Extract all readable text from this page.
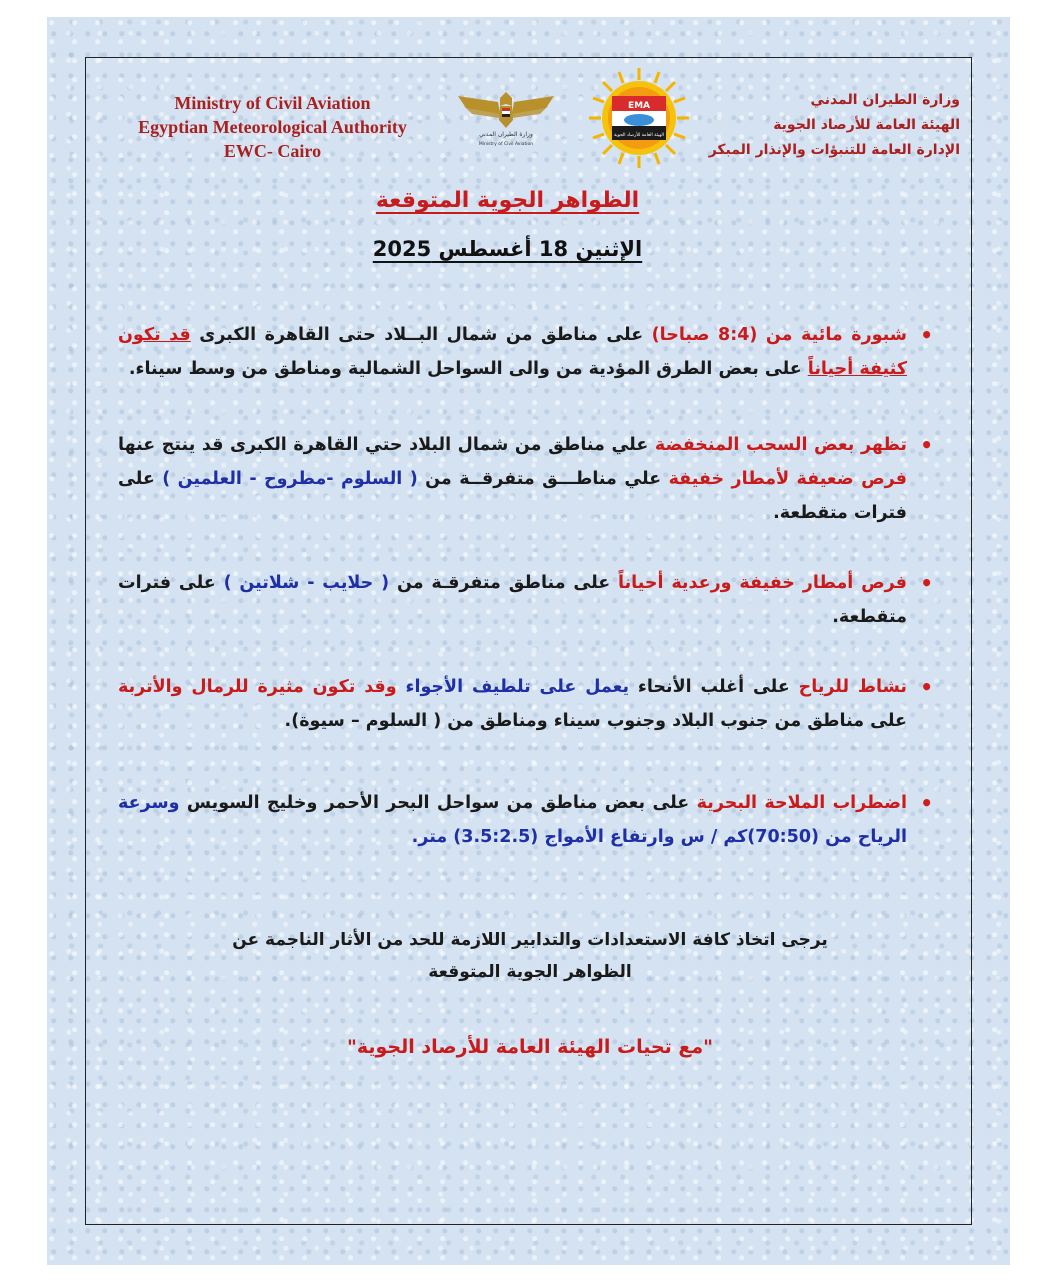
Ministry of Civil Aviation
Egyptian Meteorological Authority
EWC- Cairo
وزارة الطيران المدني
Ministry of Civil Aviation
EMA
الهيئة العامة للأرصاد الجوية
وزارة الطيران المدني
الهيئة العامة للأرصاد الجوية
الإدارة العامة للتنبؤات والإنذار المبكر
الظواهر الجوية المتوقعة
الإثنين 18 أغسطس 2025
•
شبورة مائية من (8:4 صباحا) على مناطق من شمال البــلاد حتى القاهرة الكبرى قد تكون كثيفة أحياناً على بعض الطرق المؤدية من والى السواحل الشمالية ومناطق من وسط سيناء.
•
تظهر بعض السحب المنخفضة علي مناطق من شمال البلاد حتي القاهرة الكبرى قد ينتج عنها فرص ضعيفة لأمطار خفيفة علي مناطـــق متفرقــة من ( السلوم -مطروح - العلمين ) على فترات متقطعة.
•
فرص أمطار خفيفة ورعدية أحياناً على مناطق متفرقـة من ( حلايب - شلاتين ) على فترات متقطعة.
•
نشاط للرياح على أغلب الأنحاء يعمل على تلطيف الأجواء وقد تكون مثيرة للرمال والأتربة على مناطق من جنوب البلاد وجنوب سيناء ومناطق من ( السلوم – سيوة).
•
اضطراب الملاحة البحرية على بعض مناطق من سواحل البحر الأحمر وخليج السويس وسرعة الرياح من (70:50)كم / س وارتفاع الأمواج (3.5:2.5) متر.
يرجى اتخاذ كافة الاستعدادات والتدابير اللازمة للحد من الأثار الناجمة عن
الظواهر الجوية المتوقعة
"مع تحيات الهيئة العامة للأرصاد الجوية"
